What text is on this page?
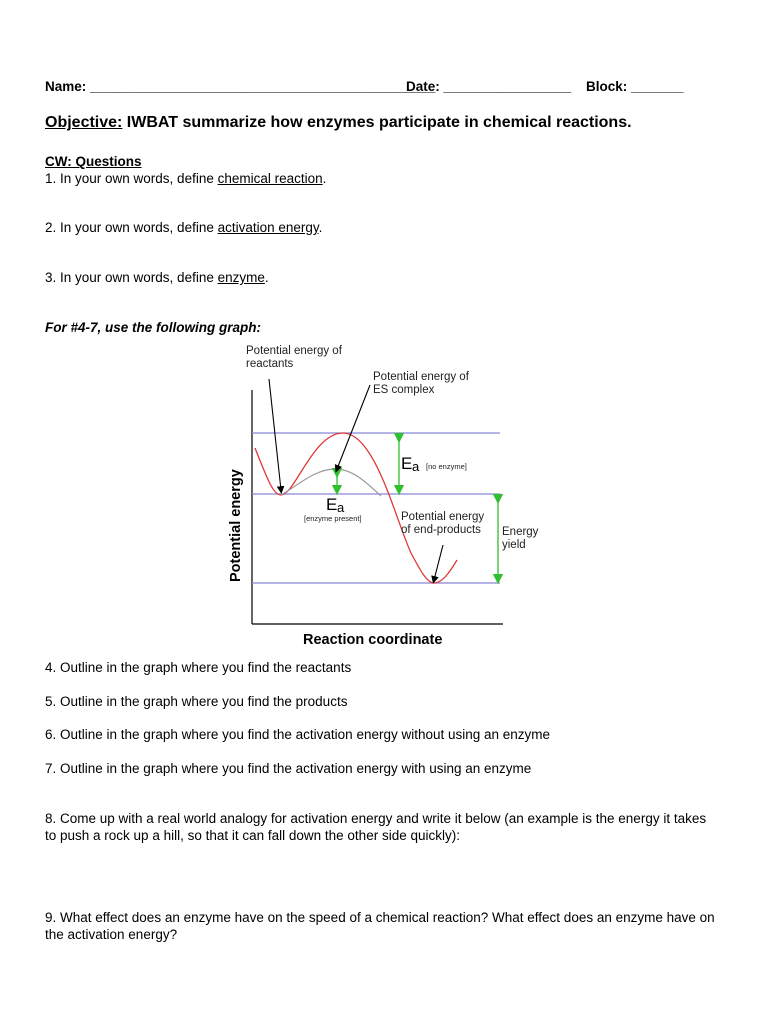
Name: ______________________________________________
Date: _________________ Block: _______
Objective: IWBAT summarize how enzymes participate in chemical reactions.
CW: Questions
1. In your own words, define chemical reaction.
2. In your own words, define activation energy.
3. In your own words, define enzyme.
For #4-7, use the following graph:
Potential energy of
reactants
Potential energy of
ES complex
E a [no enzyme]
E a
[enzyme present]	Potential energy
of end-products Energy
yield
Potential energy
Reaction coordinate
4. Outline in the graph where you find the reactants
5. Outline in the graph where you find the products
6. Outline in the graph where you find the activation energy without using an enzyme
7. Outline in the graph where you find the activation energy with using an enzyme
8. Come up with a real world analogy for activation energy and write it below (an example is the energy it takes to push a rock up a hill, so that it can fall down the other side quickly):
9. What effect does an enzyme have on the speed of a chemical reaction? What effect does an enzyme have on the activation energy?
